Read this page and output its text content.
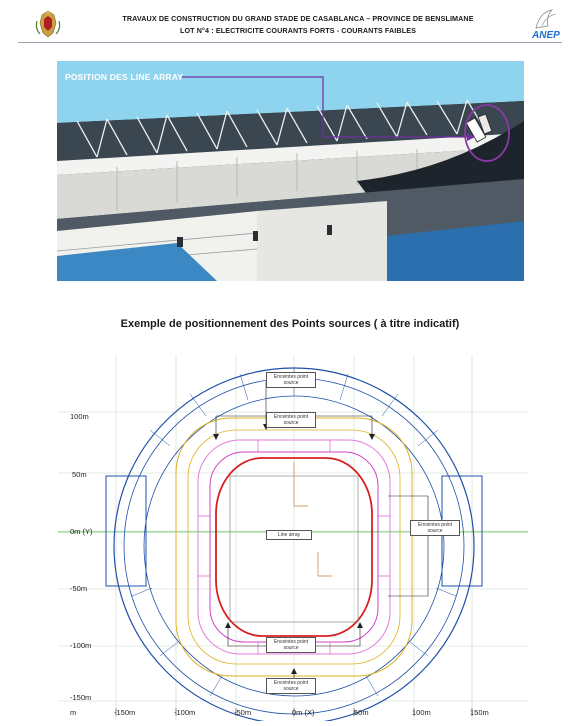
TRAVAUX DE CONSTRUCTION DU GRAND STADE DE CASABLANCA – PROVINCE DE BENSLIMANE
LOT N°4 : ELECTRICITE COURANTS FORTS - COURANTS FAIBLES	ANEP
POSITION DES LINE ARRAY
Exemple de positionnement des Points sources ( à titre indicatif)
100m
50m
0m (Y)
-50m
-100m
-150m
m	-150m	-100m	-50m	0m (X)	50m	100m	150m
Enceintes point source
Enceintes point source
Enceintes point source
Line array
Enceintes point source
Enceintes point source
